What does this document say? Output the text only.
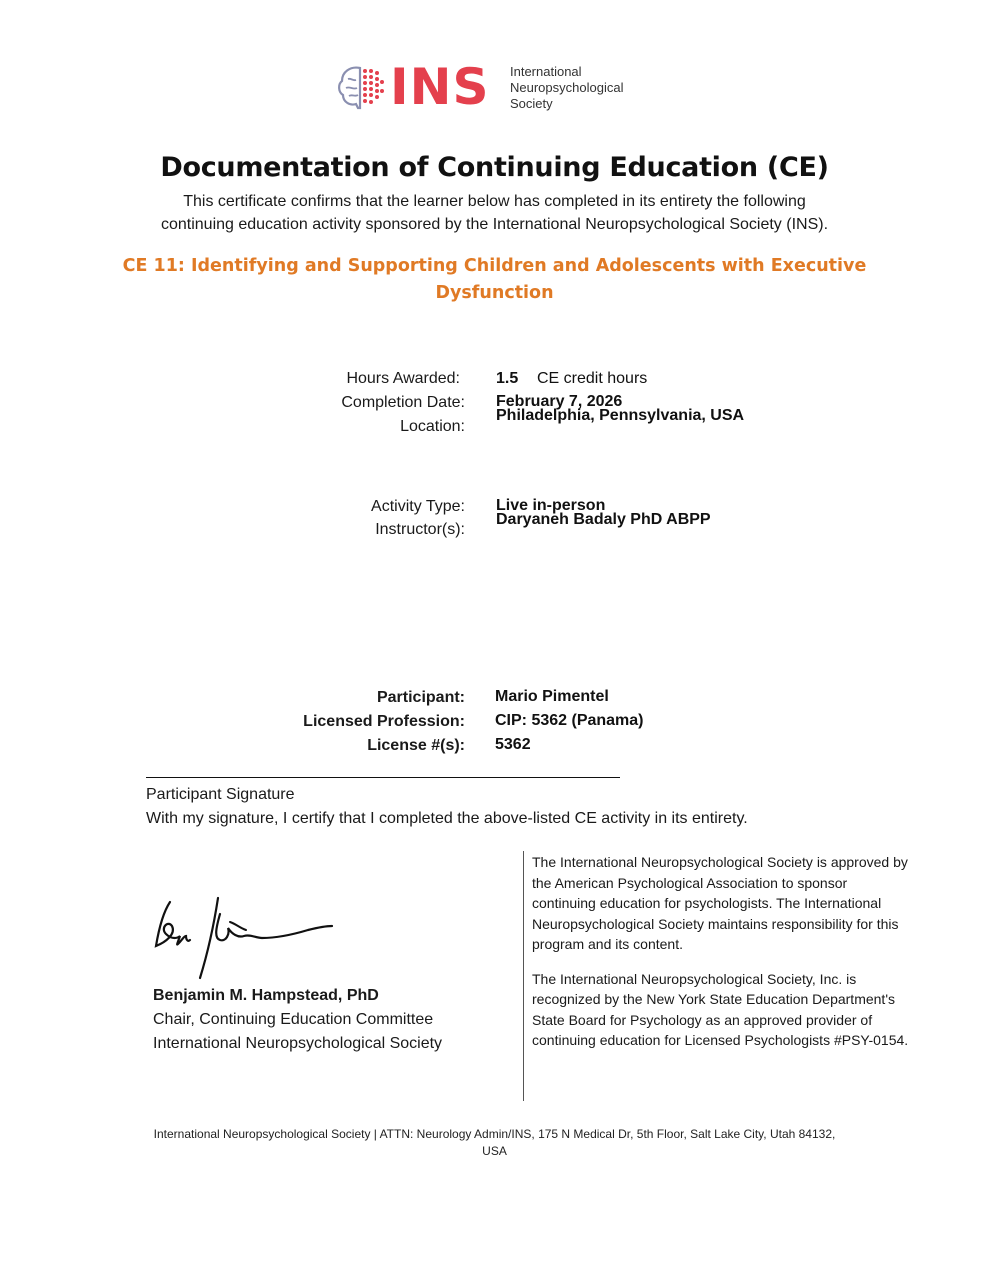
INS International
Neuropsychological
Society
Documentation of Continuing Education (CE)
This certificate confirms that the learner below has completed in its entirety the following continuing education activity sponsored by the International Neuropsychological Society (INS).
CE 11: Identifying and Supporting Children and Adolescents with Executive Dysfunction
Hours Awarded: 1.5 CE credit hours
Completion Date: February 7, 2026
Location:
Philadelphia, Pennsylvania, USA
Activity Type: Live in-person
Instructor(s):
Daryaneh Badaly PhD ABPP
Participant: Mario Pimentel
Licensed Profession: CIP: 5362 (Panama)
License #(s): 5362
Participant Signature
With my signature, I certify that I completed the above-listed CE activity in its entirety.
Benjamin M. Hampstead, PhD
Chair, Continuing Education Committee
International Neuropsychological Society

The International Neuropsychological Society is approved by the American Psychological Association to sponsor continuing education for psychologists. The International Neuropsychological Society maintains responsibility for this program and its content.

The International Neuropsychological Society, Inc. is recognized by the New York State Education Department's State Board for Psychology as an approved provider of continuing education for Licensed Psychologists #PSY-0154.

International Neuropsychological Society | ATTN: Neurology Admin/INS, 175 N Medical Dr, 5th Floor, Salt Lake City, Utah 84132, USA
